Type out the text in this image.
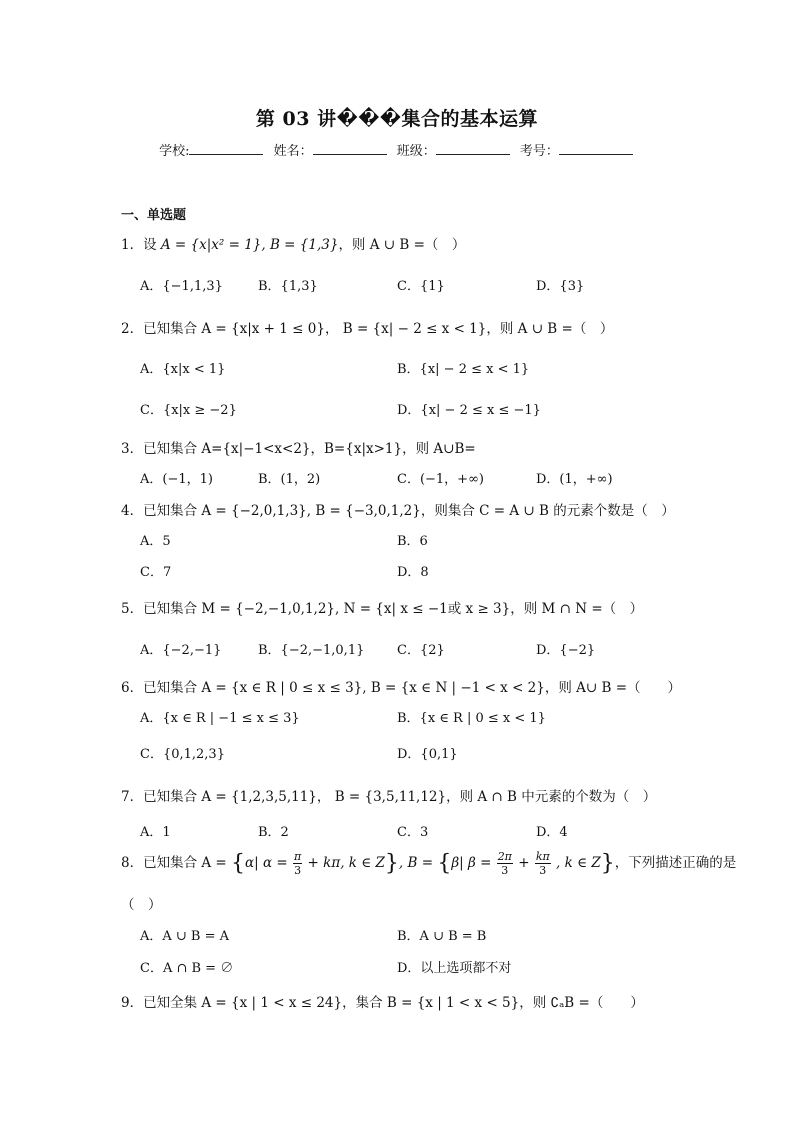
第 03 讲���集合的基本运算
学校:	姓名：	班级：	考号：
一、单选题
1．设 A = {x|x² = 1}, B = {1,3}，则 A ∪ B =（　）
A．{−1,1,3}	B．{1,3}	C．{1}	D．{3}
2．已知集合 A = {x|x + 1 ≤ 0}， B = {x| − 2 ≤ x < 1}，则 A ∪ B =（　）
A．{x|x < 1}	B．{x| − 2 ≤ x < 1}
C．{x|x ≥ −2}	D．{x| − 2 ≤ x ≤ −1}
3．已知集合 A={x|−1<x<2}，B={x|x>1}，则 A∪B=
A．(−1，1)	B．(1，2)	C．(−1，+∞)	D．(1，+∞)
4．已知集合 A = {−2,0,1,3}, B = {−3,0,1,2}，则集合 C = A ∪ B 的元素个数是（　）
A．5	B．6
C．7	D．8
5．已知集合 M = {−2,−1,0,1,2}, N = {x| x ≤ −1或 x ≥ 3}，则 M ∩ N =（　）
A．{−2,−1}	B．{−2,−1,0,1}	C．{2}	D．{−2}
6．已知集合 A = {x ∈ R | 0 ≤ x ≤ 3}, B = {x ∈ N | −1 < x < 2}，则 A∪ B =（　　）
A．{x ∈ R | −1 ≤ x ≤ 3}	B．{x ∈ R | 0 ≤ x < 1}
C．{0,1,2,3}	D．{0,1}
7．已知集合 A = {1,2,3,5,11}， B = {3,5,11,12}，则 A ∩ B 中元素的个数为（　）
A．1	B．2	C．3	D．4
8．已知集合 A = {α| $\alpha = \frac{\pi}{3} + k\pi$, k ∈ Z}, B = {β| $\beta = \frac{2\pi}{3} + \frac{k\pi}{3}$ , k ∈ Z}，下列描述正确的是
（　）
A．A ∪ B = A	B．A ∪ B = B
C．A ∩ B = ∅	D．以上选项都不对
9．已知全集 A = {x | 1 < x ≤ 24}，集合 B = {x | 1 < x < 5}，则 ∁ₐB =（　　）
